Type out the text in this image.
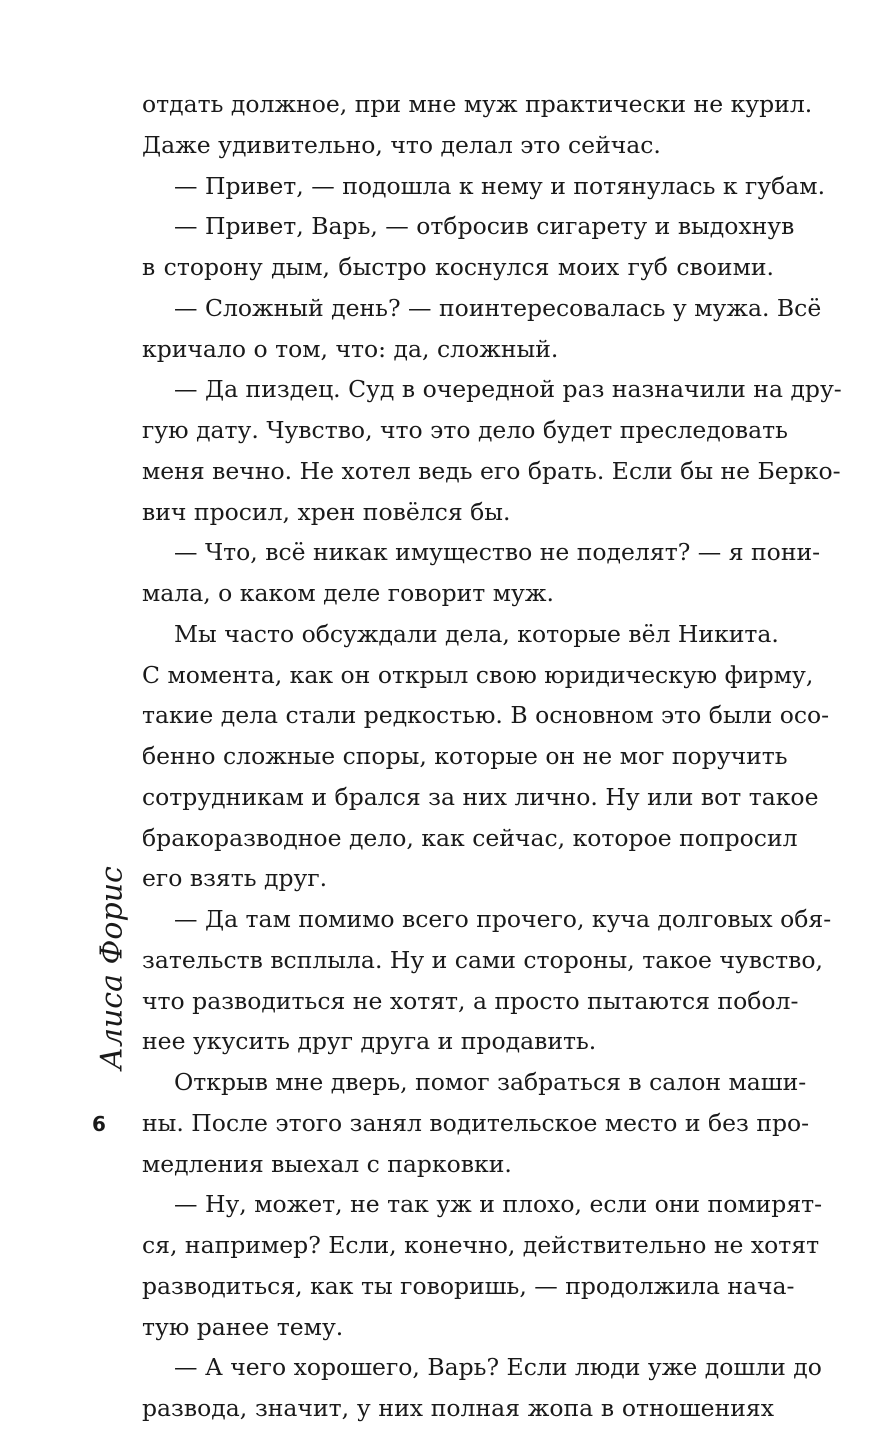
отдать должное, при мне муж практически не курил.
Даже удивительно, что делал это сейчас.
— Привет, — подошла к нему и потянулась к губам.
— Привет, Варь, — отбросив сигарету и выдохнув
в сторону дым, быстро коснулся моих губ своими.
— Сложный день? — поинтересовалась у мужа. Всё
кричало о том, что: да, сложный.
— Да пиздец. Суд в очередной раз назначили на дру-
гую дату. Чувство, что это дело будет преследовать
меня вечно. Не хотел ведь его брать. Если бы не Берко-
вич просил, хрен повёлся бы.
— Что, всё никак имущество не поделят? — я пони-
мала, о каком деле говорит муж.
Мы часто обсуждали дела, которые вёл Никита.
С момента, как он открыл свою юридическую фирму,
такие дела стали редкостью. В основном это были осо-
бенно сложные споры, которые он не мог поручить
сотрудникам и брался за них лично. Ну или вот такое
бракоразводное дело, как сейчас, которое попросил
его взять друг.
— Да там помимо всего прочего, куча долговых обя-
зательств всплыла. Ну и сами стороны, такое чувство,
что разводиться не хотят, а просто пытаются побол-
нее укусить друг друга и продавить.
Открыв мне дверь, помог забраться в салон маши-
ны. После этого занял водительское место и без про-
медления выехал с парковки.
— Ну, может, не так уж и плохо, если они помирят-
ся, например? Если, конечно, действительно не хотят
разводиться, как ты говоришь, — продолжила нача-
тую ранее тему.
— А чего хорошего, Варь? Если люди уже дошли до
развода, значит, у них полная жопа в отношениях
Алиса Форис
6
